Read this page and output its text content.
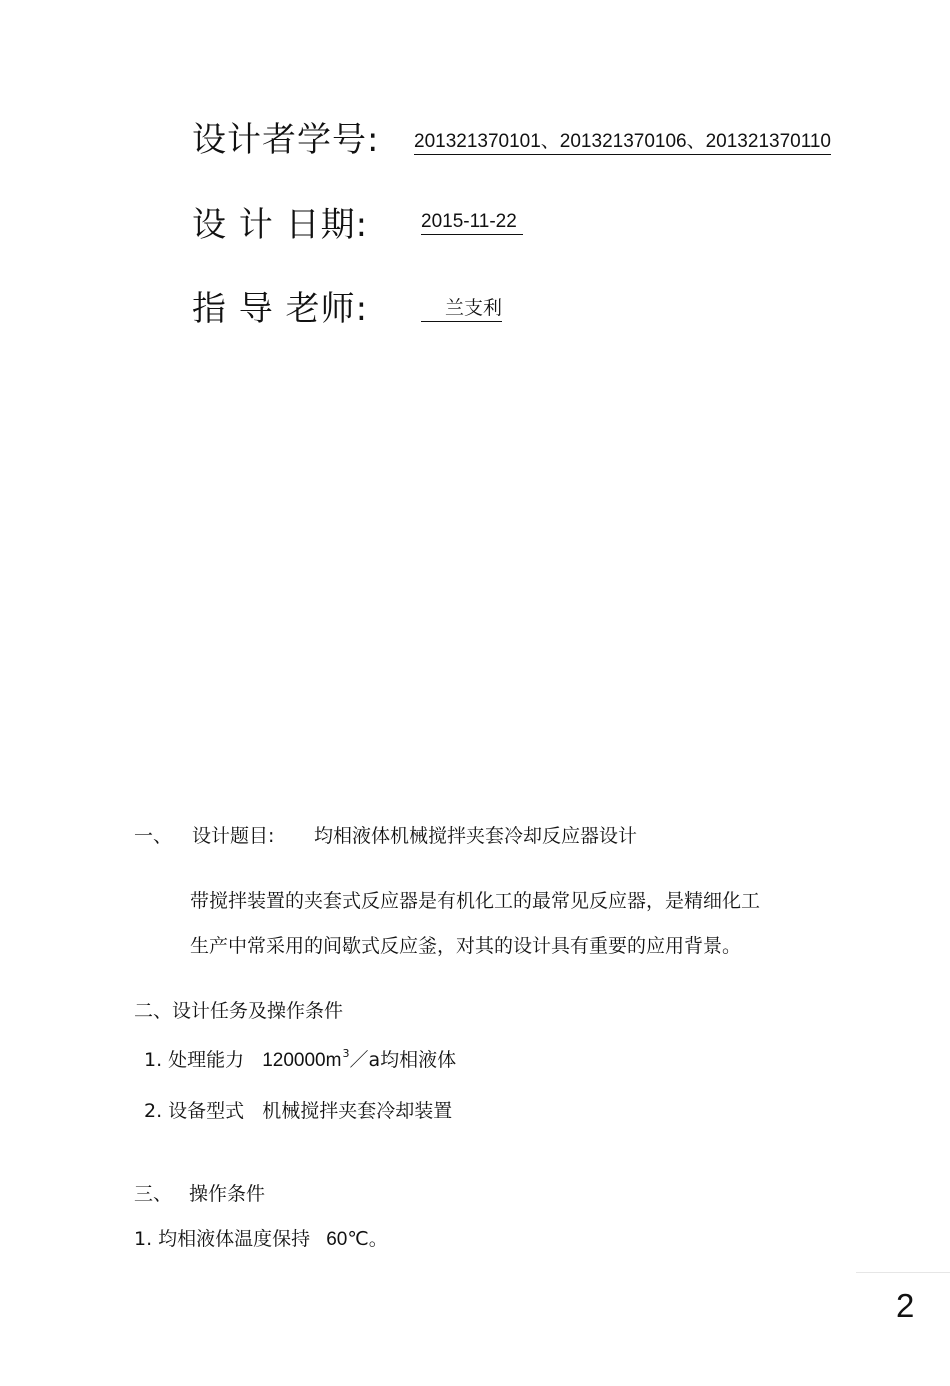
设计者学号: 201321370101、201321370106、201321370110
设 计 日期:	2015-11-22
指 导 老师:	兰支利
一、 设计题目: 均相液体机械搅拌夹套冷却反应器设计
带搅拌装置的夹套式反应器是有机化工的最常见反应器，是精细化工
生产中常采用的间歇式反应釜，对其的设计具有重要的应用背景。
二、设计任务及操作条件
1. 处理能力 $120000m^3/a$均相液体
2. 设备型式 机械搅拌夹套冷却装置
三、 操作条件
1. 均相液体温度保持 60℃。
2
